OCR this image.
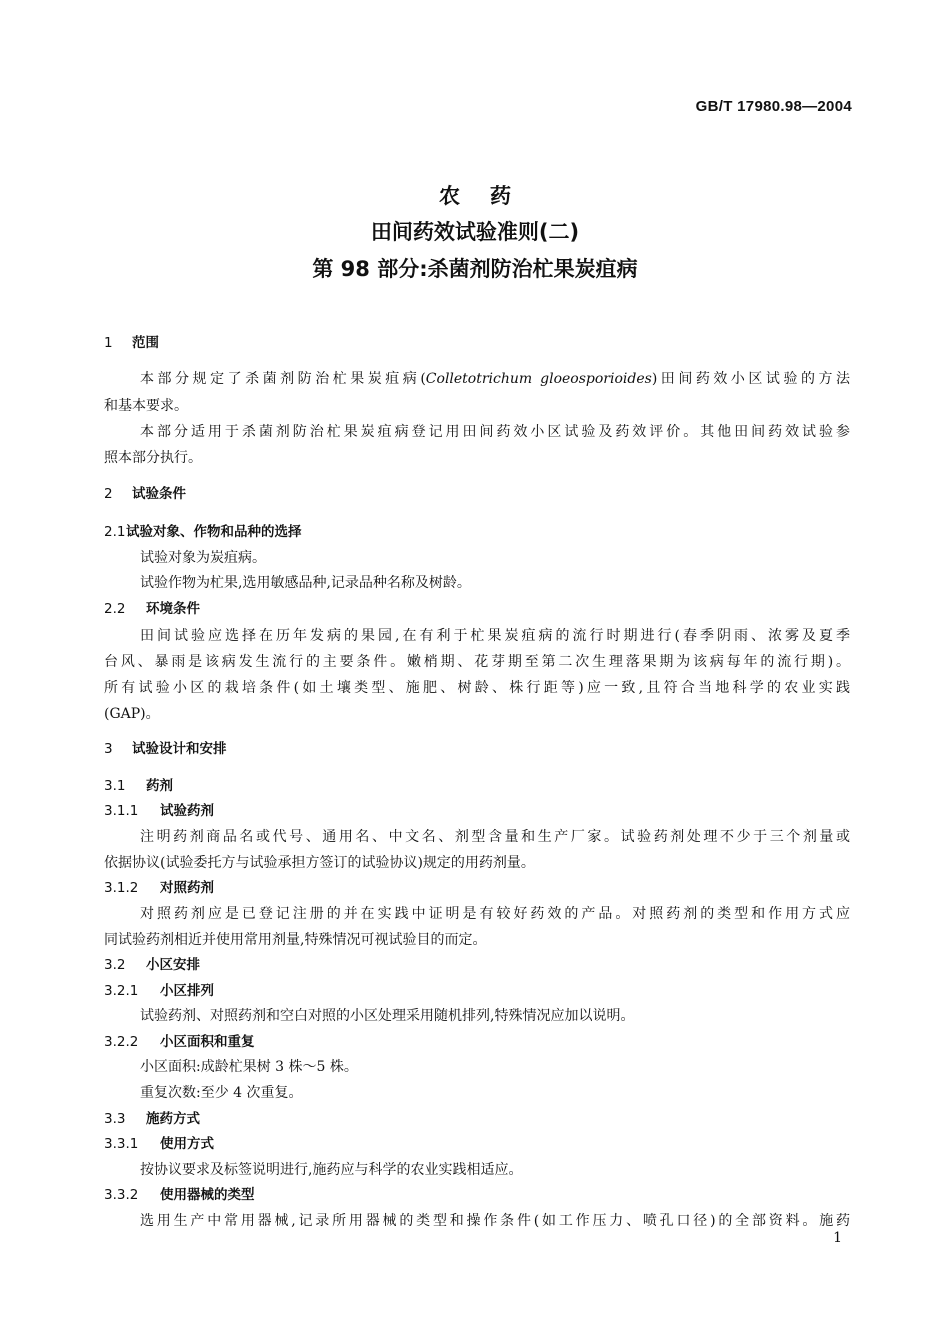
GB/T 17980.98—2004
农药
田间药效试验准则(二)
第 98 部分:杀菌剂防治杧果炭疽病
1 范围
本部分规定了杀菌剂防治杧果炭疽病(Colletotrichum gloeosporioides)田间药效小区试验的方法
和基本要求。
本部分适用于杀菌剂防治杧果炭疽病登记用田间药效小区试验及药效评价。其他田间药效试验参
照本部分执行。
2 试验条件
2.1试验对象、作物和品种的选择
试验对象为炭疽病。
试验作物为杧果,选用敏感品种,记录品种名称及树龄。
2.2 环境条件
田间试验应选择在历年发病的果园,在有利于杧果炭疽病的流行时期进行(春季阴雨、浓雾及夏季
台风、暴雨是该病发生流行的主要条件。嫩梢期、花芽期至第二次生理落果期为该病每年的流行期)。
所有试验小区的栽培条件(如土壤类型、施肥、树龄、株行距等)应一致,且符合当地科学的农业实践
(GAP)。
3 试验设计和安排
3.1 药剂
3.1.1 试验药剂
注明药剂商品名或代号、通用名、中文名、剂型含量和生产厂家。试验药剂处理不少于三个剂量或
依据协议(试验委托方与试验承担方签订的试验协议)规定的用药剂量。
3.1.2 对照药剂
对照药剂应是已登记注册的并在实践中证明是有较好药效的产品。对照药剂的类型和作用方式应
同试验药剂相近并使用常用剂量,特殊情况可视试验目的而定。
3.2 小区安排
3.2.1 小区排列
试验药剂、对照药剂和空白对照的小区处理采用随机排列,特殊情况应加以说明。
3.2.2 小区面积和重复
小区面积:成龄杧果树 3 株～5 株。
重复次数:至少 4 次重复。
3.3 施药方式
3.3.1 使用方式
按协议要求及标签说明进行,施药应与科学的农业实践相适应。
3.3.2 使用器械的类型
选用生产中常用器械,记录所用器械的类型和操作条件(如工作压力、喷孔口径)的全部资料。施药
1
